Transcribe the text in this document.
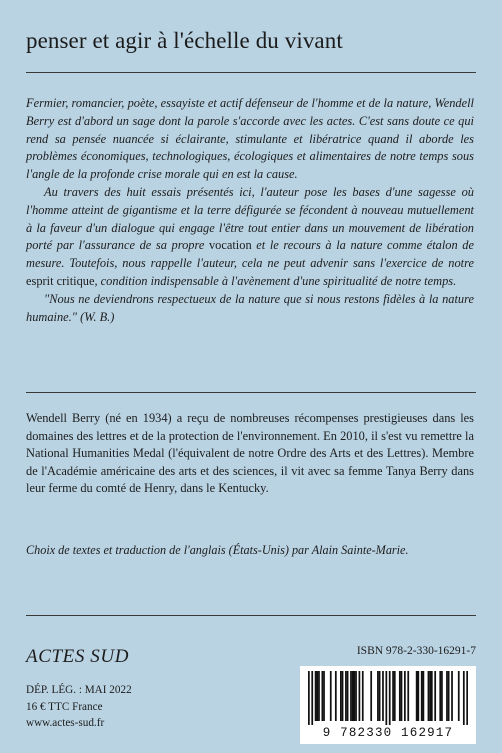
penser et agir à l'échelle du vivant

Fermier, romancier, poète, essayiste et actif défenseur de l'homme et de la nature, Wendell Berry est d'abord un sage dont la parole s'accorde avec les actes. C'est sans doute ce qui rend sa pensée nuancée si éclairante, stimulante et libératrice quand il aborde les problèmes économiques, technologiques, écologiques et alimentaires de notre temps sous l'angle de la profonde crise morale qui en est la cause.

Au travers des huit essais présentés ici, l'auteur pose les bases d'une sagesse où l'homme atteint de gigantisme et la terre défigurée se fécondent à nouveau mutuellement à la faveur d'un dialogue qui engage l'être tout entier dans un mouvement de libération porté par l'assurance de sa propre vocation et le recours à la nature comme étalon de mesure. Toutefois, nous rappelle l'auteur, cela ne peut advenir sans l'exercice de notre esprit critique, condition indispensable à l'avènement d'une spiritualité de notre temps.

"Nous ne deviendrons respectueux de la nature que si nous restons fidèles à la nature humaine." (W. B.)

Wendell Berry (né en 1934) a reçu de nombreuses récompenses prestigieuses dans les domaines des lettres et de la protection de l'environnement. En 2010, il s'est vu remettre la National Humanities Medal (l'équivalent de notre Ordre des Arts et des Lettres). Membre de l'Académie américaine des arts et des sciences, il vit avec sa femme Tanya Berry dans leur ferme du comté de Henry, dans le Kentucky.

Choix de textes et traduction de l'anglais (États-Unis) par Alain Sainte-Marie.

ACTES SUD
DÉP. LÉG. : MAI 2022
16 € TTC France
www.actes-sud.fr
ISBN 978-2-330-16291-7
9 782330 162917
